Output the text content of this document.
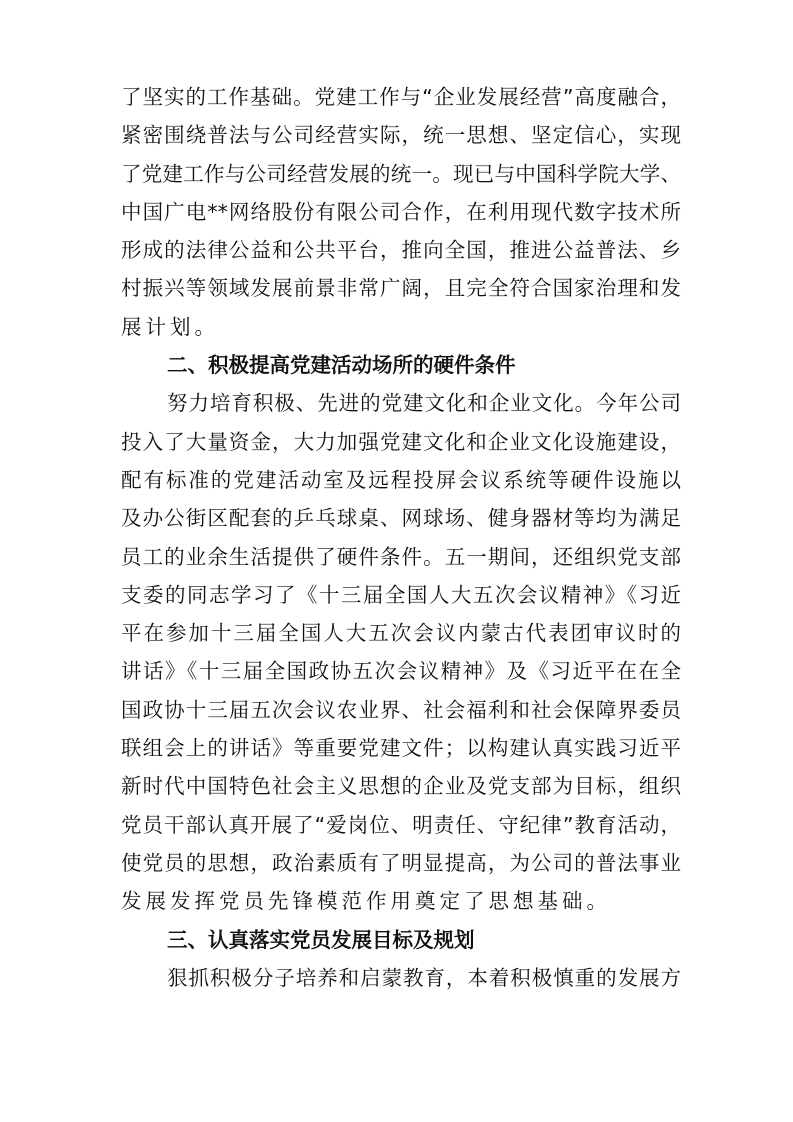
了坚实的工作基础。党建工作与“企业发展经营”高度融合，
紧密围绕普法与公司经营实际，统一思想、坚定信心，实现
了党建工作与公司经营发展的统一。现已与中国科学院大学、
中国广电**网络股份有限公司合作，在利用现代数字技术所
形成的法律公益和公共平台，推向全国，推进公益普法、乡
村振兴等领域发展前景非常广阔，且完全符合国家治理和发
展计划。
二、积极提高党建活动场所的硬件条件
努力培育积极、先进的党建文化和企业文化。今年公司
投入了大量资金，大力加强党建文化和企业文化设施建设，
配有标准的党建活动室及远程投屏会议系统等硬件设施以
及办公街区配套的乒乓球桌、网球场、健身器材等均为满足
员工的业余生活提供了硬件条件。五一期间，还组织党支部
支委的同志学习了《十三届全国人大五次会议精神》《习近
平在参加十三届全国人大五次会议内蒙古代表团审议时的
讲话》《十三届全国政协五次会议精神》及《习近平在在全
国政协十三届五次会议农业界、社会福利和社会保障界委员
联组会上的讲话》等重要党建文件；以构建认真实践习近平
新时代中国特色社会主义思想的企业及党支部为目标，组织
党员干部认真开展了“爱岗位、明责任、守纪律”教育活动，
使党员的思想，政治素质有了明显提高，为公司的普法事业
发展发挥党员先锋模范作用奠定了思想基础。
三、认真落实党员发展目标及规划
狠抓积极分子培养和启蒙教育，本着积极慎重的发展方
